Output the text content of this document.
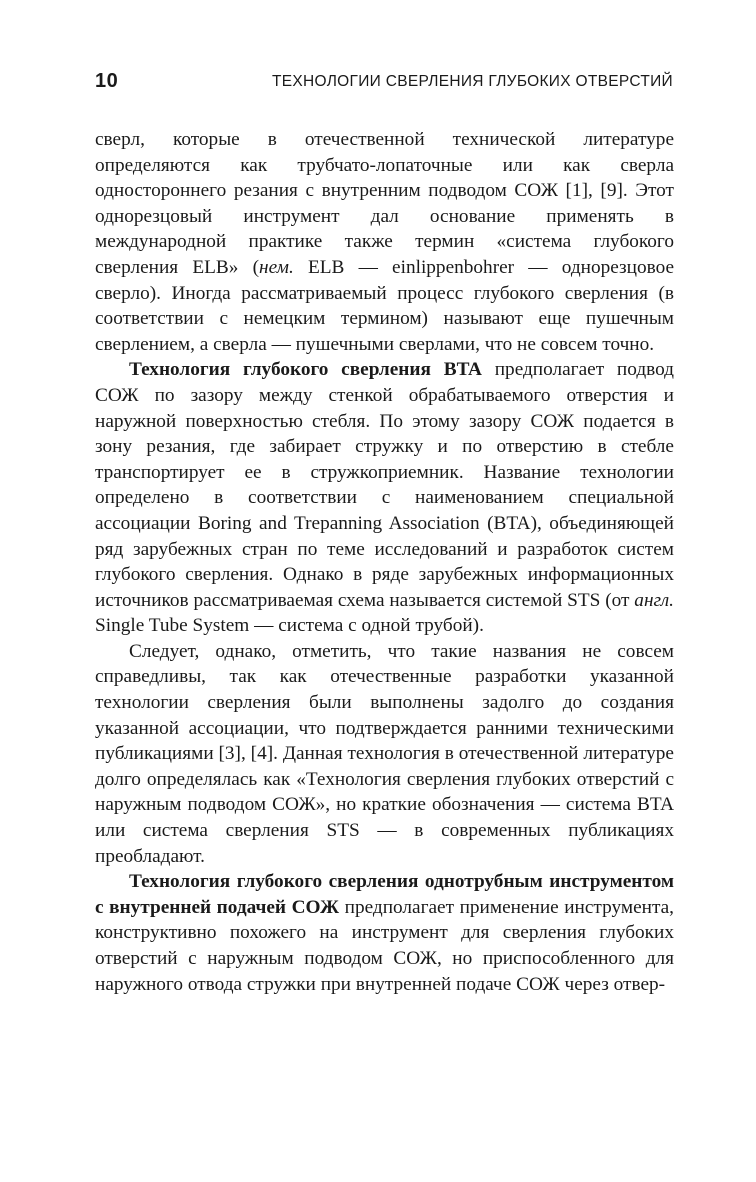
10	ТЕХНОЛОГИИ СВЕРЛЕНИЯ ГЛУБОКИХ ОТВЕРСТИЙ

сверл, которые в отечественной технической литературе определяются как трубчато-лопаточные или как сверла одностороннего резания с внутренним подводом СОЖ [1], [9]. Этот однорезцовый инструмент дал основание применять в международной практике также термин «система глубокого сверления ELB» (нем. ELB — einlippenbohrer — однорезцовое сверло). Иногда рассматриваемый процесс глубокого сверления (в соответствии с немецким термином) называют еще пушечным сверлением, а сверла — пушечными сверлами, что не совсем точно.

Технология глубокого сверления BTA предполагает подвод СОЖ по зазору между стенкой обрабатываемого отверстия и наружной поверхностью стебля. По этому зазору СОЖ подается в зону резания, где забирает стружку и по отверстию в стебле транспортирует ее в стружкоприемник. Название технологии определено в соответствии с наименованием специальной ассоциации Boring and Trepanning Association (BTA), объединяющей ряд зарубежных стран по теме исследований и разработок систем глубокого сверления. Однако в ряде зарубежных информационных источников рассматриваемая схема называется системой STS (от англ. Single Tube System — система с одной трубой).

Следует, однако, отметить, что такие названия не совсем справедливы, так как отечественные разработки указанной технологии сверления были выполнены задолго до создания указанной ассоциации, что подтверждается ранними техническими публикациями [3], [4]. Данная технология в отечественной литературе долго определялась как «Технология сверления глубоких отверстий с наружным подводом СОЖ», но краткие обозначения — система BTA или система сверления STS — в современных публикациях преобладают.

Технология глубокого сверления однотрубным инструментом с внутренней подачей СОЖ предполагает применение инструмента, конструктивно похожего на инструмент для сверления глубоких отверстий с наружным подводом СОЖ, но приспособленного для наружного отвода стружки при внутренней подаче СОЖ через отвер-
